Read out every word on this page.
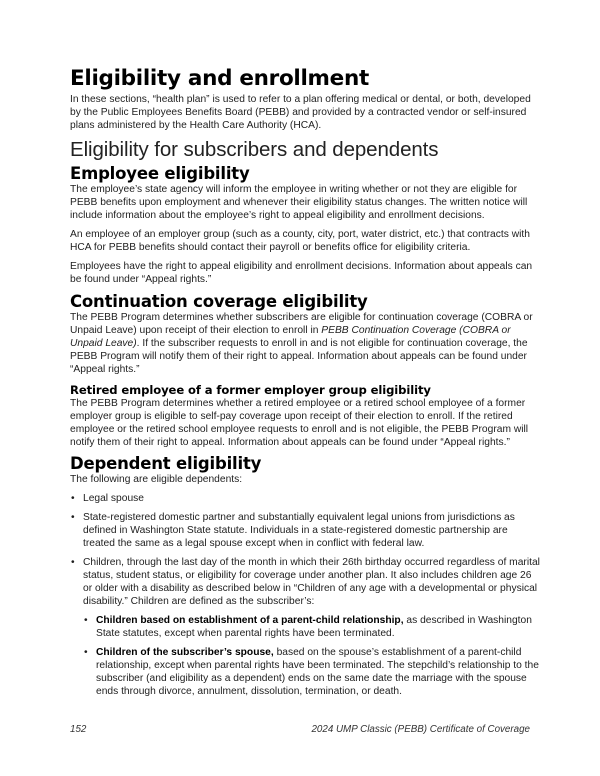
Eligibility and enrollment

In these sections, “health plan” is used to refer to a plan offering medical or dental, or both, developed by the Public Employees Benefits Board (PEBB) and provided by a contracted vendor or self-insured plans administered by the Health Care Authority (HCA).

Eligibility for subscribers and dependents
Employee eligibility

The employee’s state agency will inform the employee in writing whether or not they are eligible for PEBB benefits upon employment and whenever their eligibility status changes. The written notice will include information about the employee’s right to appeal eligibility and enrollment decisions.

An employee of an employer group (such as a county, city, port, water district, etc.) that contracts with HCA for PEBB benefits should contact their payroll or benefits office for eligibility criteria.

Employees have the right to appeal eligibility and enrollment decisions. Information about appeals can be found under “Appeal rights.”

Continuation coverage eligibility

The PEBB Program determines whether subscribers are eligible for continuation coverage (COBRA or Unpaid Leave) upon receipt of their election to enroll in PEBB Continuation Coverage (COBRA or Unpaid Leave). If the subscriber requests to enroll in and is not eligible for continuation coverage, the PEBB Program will notify them of their right to appeal. Information about appeals can be found under “Appeal rights.”

Retired employee of a former employer group eligibility

The PEBB Program determines whether a retired employee or a retired school employee of a former employer group is eligible to self-pay coverage upon receipt of their election to enroll. If the retired employee or the retired school employee requests to enroll and is not eligible, the PEBB Program will notify them of their right to appeal. Information about appeals can be found under “Appeal rights.”

Dependent eligibility

The following are eligible dependents:

• Legal spouse
• State-registered domestic partner and substantially equivalent legal unions from jurisdictions as defined in Washington State statute. Individuals in a state-registered domestic partnership are treated the same as a legal spouse except when in conflict with federal law.
• Children, through the last day of the month in which their 26th birthday occurred regardless of marital status, student status, or eligibility for coverage under another plan. It also includes children age 26 or older with a disability as described below in “Children of any age with a developmental or physical disability.” Children are defined as the subscriber’s:
• Children based on establishment of a parent-child relationship, as described in Washington State statutes, except when parental rights have been terminated.
• Children of the subscriber’s spouse, based on the spouse’s establishment of a parent-child relationship, except when parental rights have been terminated. The stepchild’s relationship to the subscriber (and eligibility as a dependent) ends on the same date the marriage with the spouse ends through divorce, annulment, dissolution, termination, or death.
152	2024 UMP Classic (PEBB) Certificate of Coverage
